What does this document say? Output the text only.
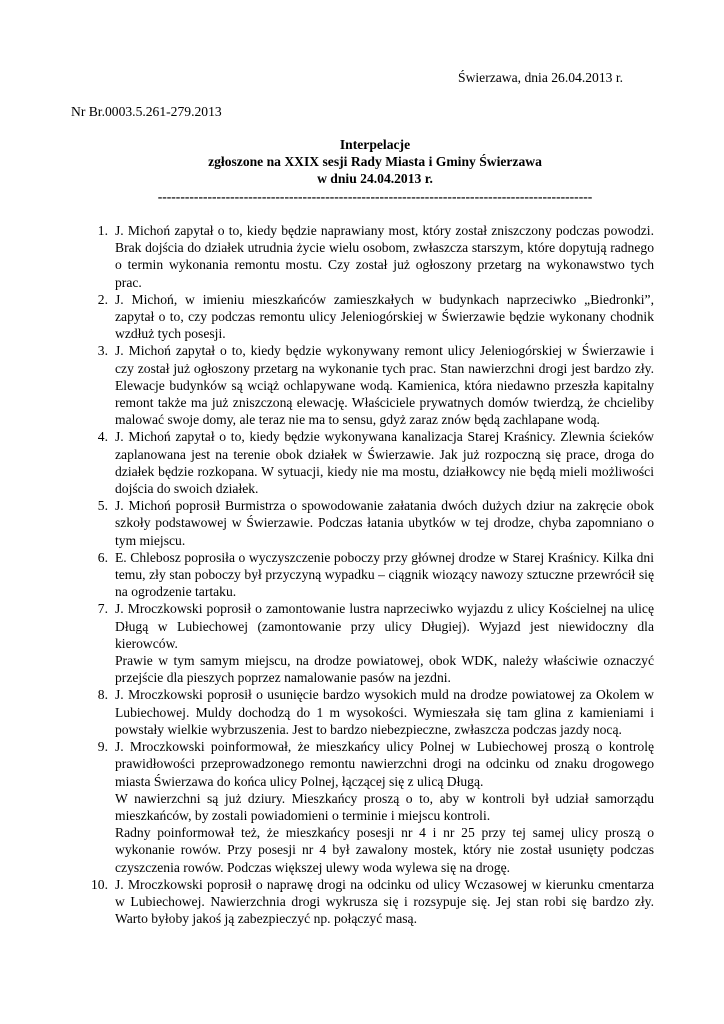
Świerzawa, dnia 26.04.2013 r.
Nr Br.0003.5.261-279.2013
Interpelacje
zgłoszone na XXIX sesji Rady Miasta i Gminy Świerzawa
w dniu 24.04.2013 r.
------------------------------------------------------------------------------------------------
1. J. Michoń zapytał o to, kiedy będzie naprawiany most, który został zniszczony podczas powodzi. Brak dojścia do działek utrudnia życie wielu osobom, zwłaszcza starszym, które dopytują radnego o termin wykonania remontu mostu. Czy został już ogłoszony przetarg na wykonawstwo tych prac.

2. J. Michoń, w imieniu mieszkańców zamieszkałych w budynkach naprzeciwko „Biedronki”, zapytał o to, czy podczas remontu ulicy Jeleniogórskiej w Świerzawie będzie wykonany chodnik wzdłuż tych posesji.

3. J. Michoń zapytał o to, kiedy będzie wykonywany remont ulicy Jeleniogórskiej w Świerzawie i czy został już ogłoszony przetarg na wykonanie tych prac. Stan nawierzchni drogi jest bardzo zły. Elewacje budynków są wciąż ochlapywane wodą. Kamienica, która niedawno przeszła kapitalny remont także ma już zniszczoną elewację. Właściciele prywatnych domów twierdzą, że chcieliby malować swoje domy, ale teraz nie ma to sensu, gdyż zaraz znów będą zachlapane wodą.

4. J. Michoń zapytał o to, kiedy będzie wykonywana kanalizacja Starej Kraśnicy. Zlewnia ścieków zaplanowana jest na terenie obok działek w Świerzawie. Jak już rozpoczną się prace, droga do działek będzie rozkopana. W sytuacji, kiedy nie ma mostu, działkowcy nie będą mieli możliwości dojścia do swoich działek.

5. J. Michoń poprosił Burmistrza o spowodowanie załatania dwóch dużych dziur na zakręcie obok szkoły podstawowej w Świerzawie. Podczas łatania ubytków w tej drodze, chyba zapomniano o tym miejscu.

6. E. Chlebosz poprosiła o wyczyszczenie poboczy przy głównej drodze w Starej Kraśnicy. Kilka dni temu, zły stan poboczy był przyczyną wypadku – ciągnik wiozący nawozy sztuczne przewrócił się na ogrodzenie tartaku.

7. J. Mroczkowski poprosił o zamontowanie lustra naprzeciwko wyjazdu z ulicy Kościelnej na ulicę Długą w Lubiechowej (zamontowanie przy ulicy Długiej). Wyjazd jest niewidoczny dla kierowców.

Prawie w tym samym miejscu, na drodze powiatowej, obok WDK, należy właściwie oznaczyć przejście dla pieszych poprzez namalowanie pasów na jezdni.

8. J. Mroczkowski poprosił o usunięcie bardzo wysokich muld na drodze powiatowej za Okolem w Lubiechowej. Muldy dochodzą do 1 m wysokości. Wymieszała się tam glina z kamieniami i powstały wielkie wybrzuszenia. Jest to bardzo niebezpieczne, zwłaszcza podczas jazdy nocą.

9. J. Mroczkowski poinformował, że mieszkańcy ulicy Polnej w Lubiechowej proszą o kontrolę prawidłowości przeprowadzonego remontu nawierzchni drogi na odcinku od znaku drogowego miasta Świerzawa do końca ulicy Polnej, łączącej się z ulicą Długą.

W nawierzchni są już dziury. Mieszkańcy proszą o to, aby w kontroli był udział samorządu mieszkańców, by zostali powiadomieni o terminie i miejscu kontroli.

Radny poinformował też, że mieszkańcy posesji nr 4 i nr 25 przy tej samej ulicy proszą o wykonanie rowów. Przy posesji nr 4 był zawalony mostek, który nie został usunięty podczas czyszczenia rowów. Podczas większej ulewy woda wylewa się na drogę.

10. J. Mroczkowski poprosił o naprawę drogi na odcinku od ulicy Wczasowej w kierunku cmentarza w Lubiechowej. Nawierzchnia drogi wykrusza się i rozsypuje się. Jej stan robi się bardzo zły. Warto byłoby jakoś ją zabezpieczyć np. połączyć masą.
